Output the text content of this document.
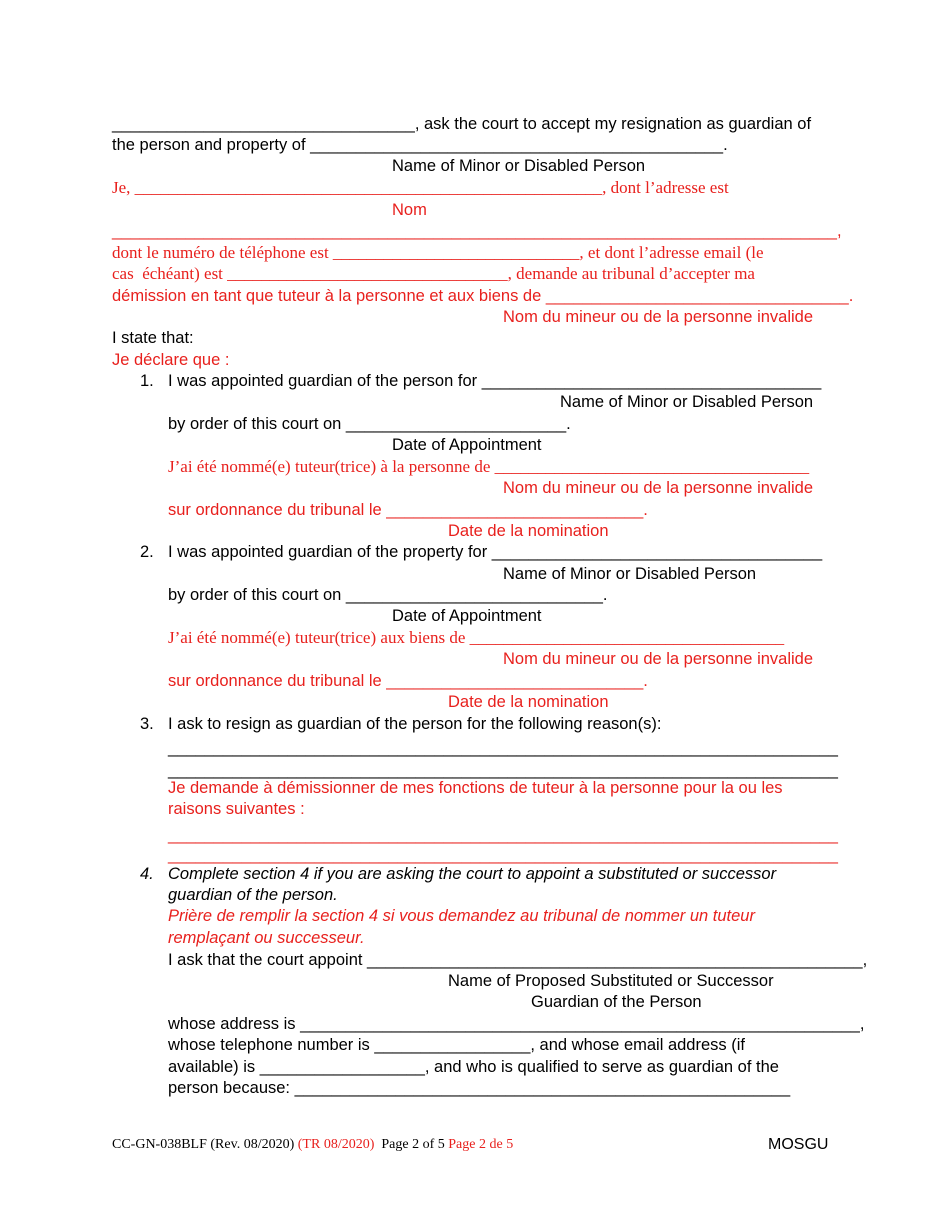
_________________________________, ask the court to accept my resignation as guardian of
the person and property of _____________________________________________.
Name of Minor or Disabled Person
Je, _______________________________________________________, dont l’adresse est
Nom
_______________________________________________________________________________,
dont le numéro de téléphone est _____________________________, et dont l’adresse email (le
cas  échéant) est _________________________________, demande au tribunal d’accepter ma
démission en tant que tuteur à la personne et aux biens de _________________________________.
Nom du mineur ou de la personne invalide
I state that:
Je déclare que :
1. I was appointed guardian of the person for _____________________________________
Name of Minor or Disabled Person
by order of this court on ________________________.
Date of Appointment
J’ai été nommé(e) tuteur(trice) à la personne de _____________________________________
Nom du mineur ou de la personne invalide
sur ordonnance du tribunal le ____________________________.
Date de la nomination
2. I was appointed guardian of the property for ____________________________________
Name of Minor or Disabled Person
by order of this court on ____________________________.
Date of Appointment
J’ai été nommé(e) tuteur(trice) aux biens de _____________________________________
Nom du mineur ou de la personne invalide
sur ordonnance du tribunal le ____________________________.
Date de la nomination
3. I ask to resign as guardian of the person for the following reason(s):
_________________________________________________________________________
_________________________________________________________________________
Je demande à démissionner de mes fonctions de tuteur à la personne pour la ou les
raisons suivantes :
_________________________________________________________________________
_________________________________________________________________________
4. Complete section 4 if you are asking the court to appoint a substituted or successor
guardian of the person.
Prière de remplir la section 4 si vous demandez au tribunal de nommer un tuteur
remplaçant ou successeur.
I ask that the court appoint ______________________________________________________,
Name of Proposed Substituted or Successor
Guardian of the Person
whose address is _____________________________________________________________,
whose telephone number is _________________, and whose email address (if
available) is __________________, and who is qualified to serve as guardian of the
person because: ______________________________________________________
CC-GN-038BLF (Rev. 08/2020) (TR 08/2020) Page 2 of 5 Page 2 de 5	MOSGU
